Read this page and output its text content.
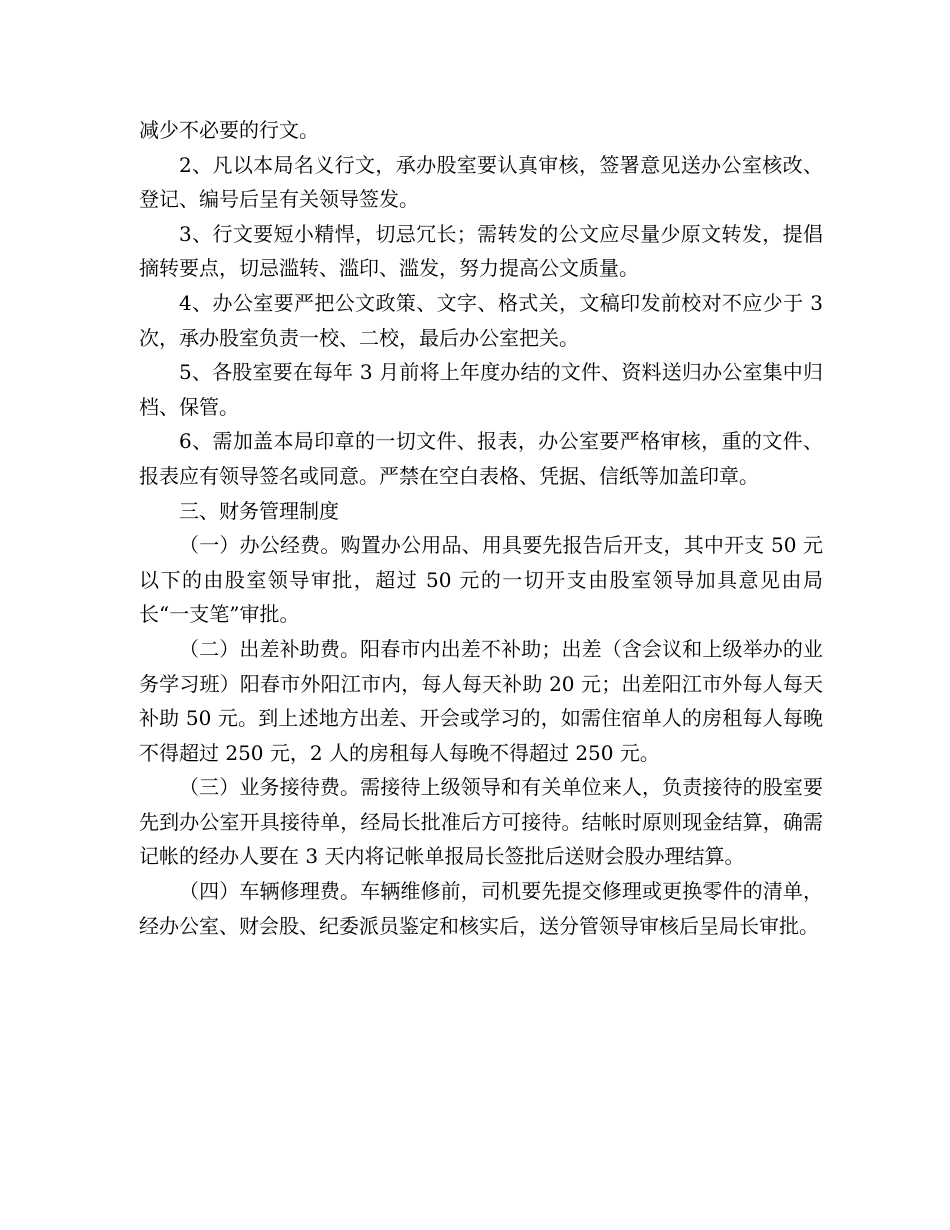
减少不必要的行文。

2、凡以本局名义行文，承办股室要认真审核，签署意见送办公室核改、登记、编号后呈有关领导签发。

3、行文要短小精悍，切忌冗长；需转发的公文应尽量少原文转发，提倡摘转要点，切忌滥转、滥印、滥发，努力提高公文质量。

4、办公室要严把公文政策、文字、格式关，文稿印发前校对不应少于 3 次，承办股室负责一校、二校，最后办公室把关。

5、各股室要在每年 3 月前将上年度办结的文件、资料送归办公室集中归档、保管。

6、需加盖本局印章的一切文件、报表，办公室要严格审核，重的文件、报表应有领导签名或同意。严禁在空白表格、凭据、信纸等加盖印章。

三、财务管理制度

（一）办公经费。购置办公用品、用具要先报告后开支，其中开支 50 元以下的由股室领导审批，超过 50 元的一切开支由股室领导加具意见由局长“一支笔”审批。

（二）出差补助费。阳春市内出差不补助；出差（含会议和上级举办的业务学习班）阳春市外阳江市内，每人每天补助 20 元；出差阳江市外每人每天补助 50 元。到上述地方出差、开会或学习的，如需住宿单人的房租每人每晚不得超过 250 元，2 人的房租每人每晚不得超过 250 元。

（三）业务接待费。需接待上级领导和有关单位来人，负责接待的股室要先到办公室开具接待单，经局长批准后方可接待。结帐时原则现金结算，确需记帐的经办人要在 3 天内将记帐单报局长签批后送财会股办理结算。

（四）车辆修理费。车辆维修前，司机要先提交修理或更换零件的清单，经办公室、财会股、纪委派员鉴定和核实后，送分管领导审核后呈局长审批。
